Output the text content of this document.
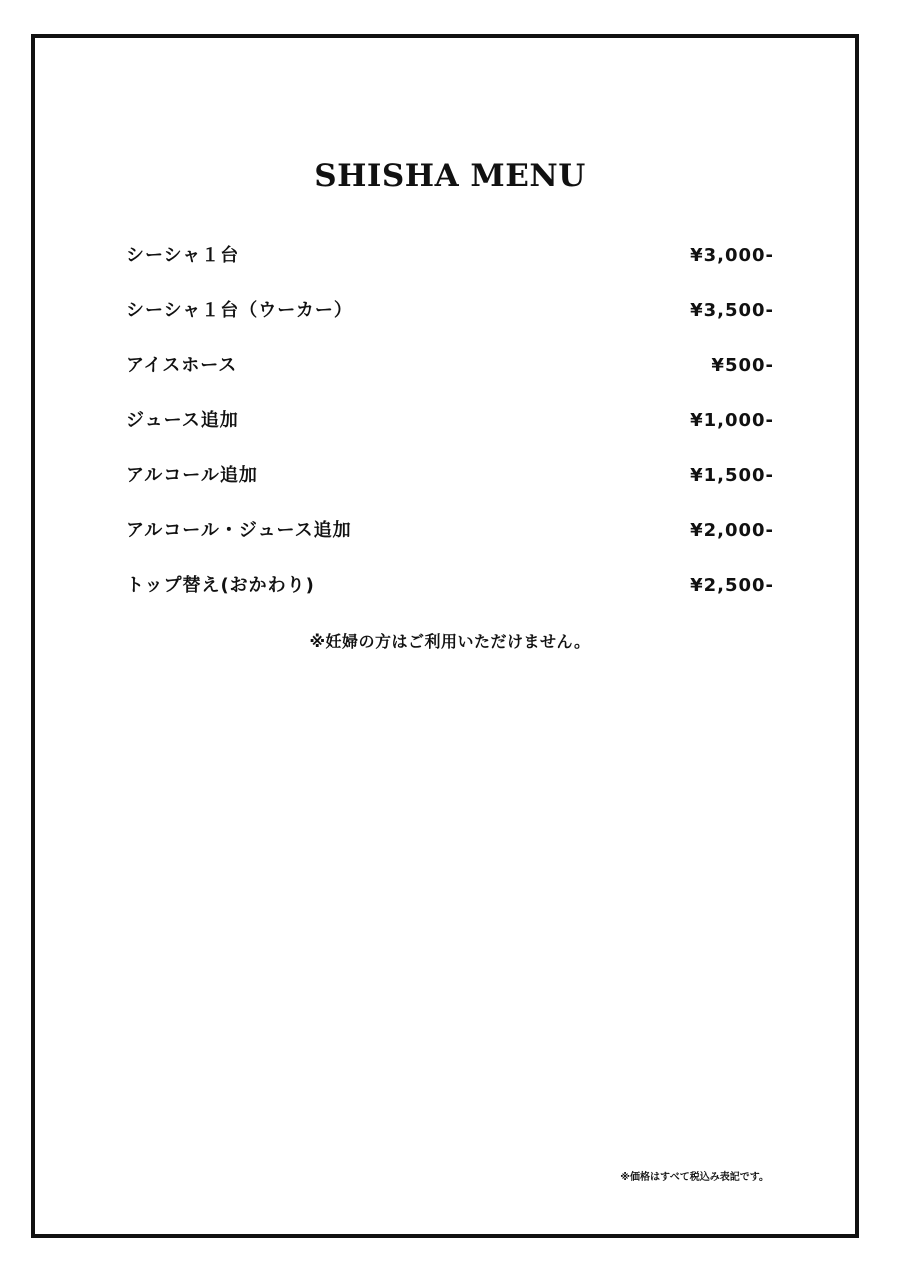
SHISHA MENU
シーシャ１台	¥3,000-
シーシャ１台（ウーカー）	¥3,500-
アイスホース	¥500-
ジュース追加	¥1,000-
アルコール追加	¥1,500-
アルコール・ジュース追加	¥2,000-
トップ替え(おかわり)	¥2,500-

※妊婦の方はご利用いただけません。

※価格はすべて税込み表記です。
